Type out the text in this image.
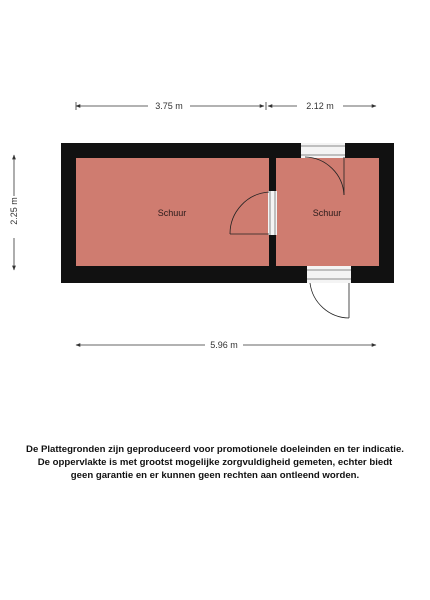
3.75 m	2.12 m
2.25 m
5.96 m
Schuur	Schuur

De Plattegronden zijn geproduceerd voor promotionele doeleinden en ter indicatie.
De oppervlakte is met grootst mogelijke zorgvuldigheid gemeten, echter biedt
geen garantie en er kunnen geen rechten aan ontleend worden.
